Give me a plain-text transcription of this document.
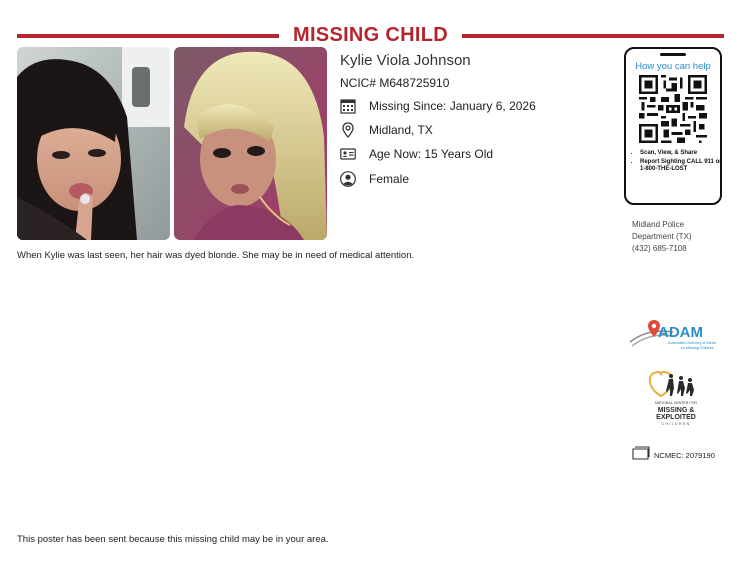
MISSING CHILD
Kylie Viola Johnson
NCIC# M648725910
Missing Since: January 6, 2026
Midland, TX
Age Now: 15 Years Old
Female
How you can help
• Scan, View, & Share
• Report Sighting CALL 911 or 1-800-THE-LOST
Midland Police
Department (TX)
(432) 685-7108
When Kylie was last seen, her hair was dyed blonde. She may be in need of medical attention.
ADAM
Automated Delivery of Alerts
on Missing Children
NATIONAL CENTER FOR
MISSING &
EXPLOITED
CHILDREN
NCMEC: 2079190
This poster has been sent because this missing child may be in your area.
